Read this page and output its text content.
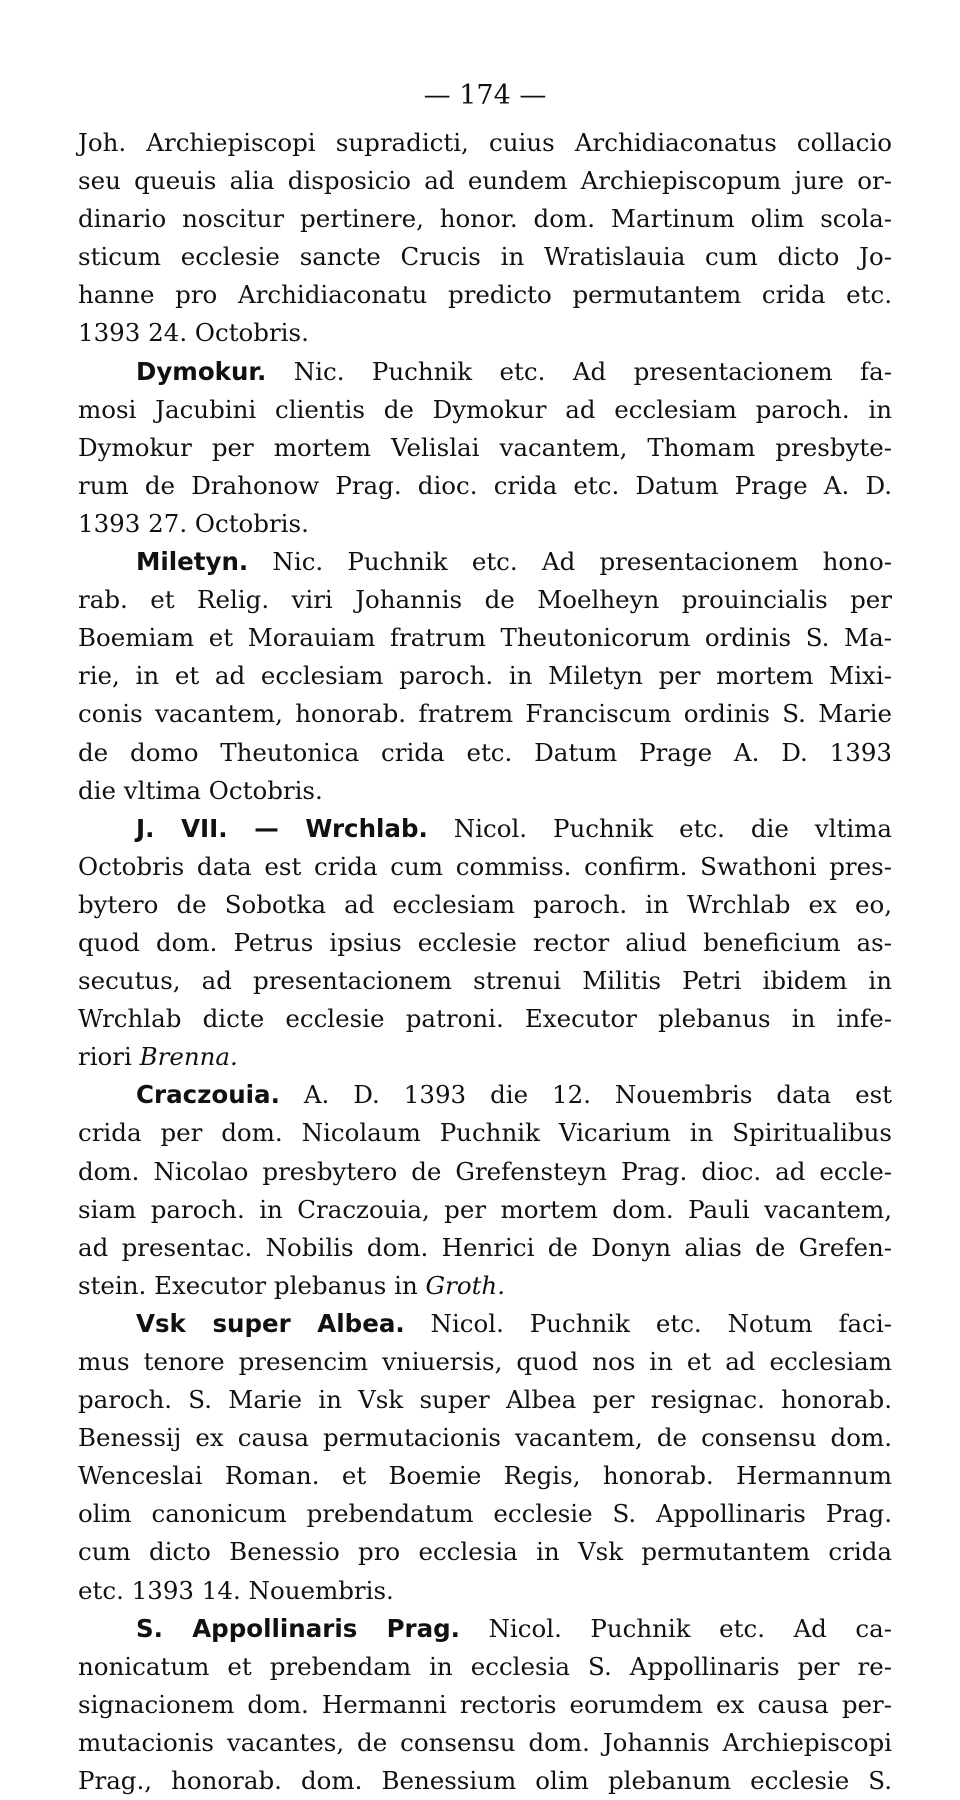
— 174 —
Joh. Archiepiscopi supradicti, cuius Archidiaconatus collacio
seu queuis alia disposicio ad eundem Archiepiscopum jure or-
dinario noscitur pertinere, honor. dom. Martinum olim scola-
sticum ecclesie sancte Crucis in Wratislauia cum dicto Jo-
hanne pro Archidiaconatu predicto permutantem crida etc.
1393 24. Octobris.
Dymokur. Nic. Puchnik etc. Ad presentacionem fa-
mosi Jacubini clientis de Dymokur ad ecclesiam paroch. in
Dymokur per mortem Velislai vacantem, Thomam presbyte-
rum de Drahonow Prag. dioc. crida etc. Datum Prage A. D.
1393 27. Octobris.
Miletyn. Nic. Puchnik etc. Ad presentacionem hono-
rab. et Relig. viri Johannis de Moelheyn prouincialis per
Boemiam et Morauiam fratrum Theutonicorum ordinis S. Ma-
rie, in et ad ecclesiam paroch. in Miletyn per mortem Mixi-
conis vacantem, honorab. fratrem Franciscum ordinis S. Marie
de domo Theutonica crida etc. Datum Prage A. D. 1393
die vltima Octobris.
J. VII. — Wrchlab. Nicol. Puchnik etc. die vltima
Octobris data est crida cum commiss. confirm. Swathoni pres-
bytero de Sobotka ad ecclesiam paroch. in Wrchlab ex eo,
quod dom. Petrus ipsius ecclesie rector aliud beneficium as-
secutus, ad presentacionem strenui Militis Petri ibidem in
Wrchlab dicte ecclesie patroni. Executor plebanus in infe-
riori Brenna.
Craczouia. A. D. 1393 die 12. Nouembris data est
crida per dom. Nicolaum Puchnik Vicarium in Spiritualibus
dom. Nicolao presbytero de Grefensteyn Prag. dioc. ad eccle-
siam paroch. in Craczouia, per mortem dom. Pauli vacantem,
ad presentac. Nobilis dom. Henrici de Donyn alias de Grefen-
stein. Executor plebanus in Groth.
Vsk super Albea. Nicol. Puchnik etc. Notum faci-
mus tenore presencim vniuersis, quod nos in et ad ecclesiam
paroch. S. Marie in Vsk super Albea per resignac. honorab.
Benessij ex causa permutacionis vacantem, de consensu dom.
Wenceslai Roman. et Boemie Regis, honorab. Hermannum
olim canonicum prebendatum ecclesie S. Appollinaris Prag.
cum dicto Benessio pro ecclesia in Vsk permutantem crida
etc. 1393 14. Nouembris.
S. Appollinaris Prag. Nicol. Puchnik etc. Ad ca-
nonicatum et prebendam in ecclesia S. Appollinaris per re-
signacionem dom. Hermanni rectoris eorumdem ex causa per-
mutacionis vacantes, de consensu dom. Johannis Archiepiscopi
Prag., honorab. dom. Benessium olim plebanum ecclesie S.
